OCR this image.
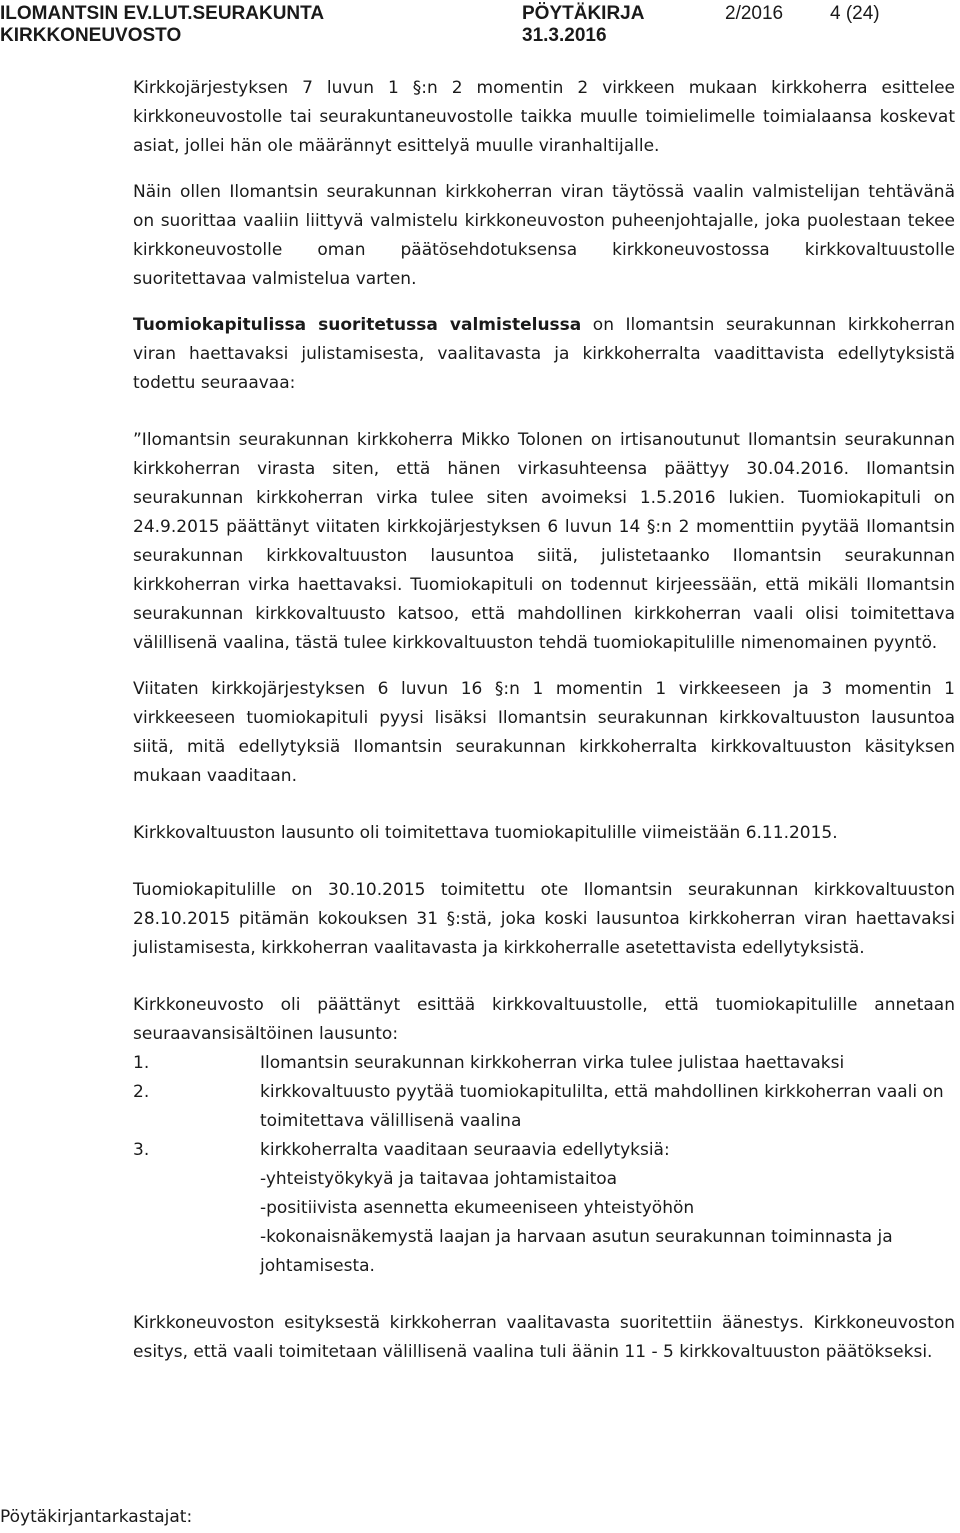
ILOMANTSIN EV.LUT.SEURAKUNTA
KIRKKONEUVOSTO
PÖYTÄKIRJA	2/2016 4 (24)
31.3.2016

Kirkkojärjestyksen 7 luvun 1 §:n 2 momentin 2 virkkeen mukaan kirkkoherra esittelee kirkkoneuvostolle tai seurakuntaneuvostolle taikka muulle toimielimelle toimialaansa koskevat asiat, jollei hän ole määrännyt esittelyä muulle viranhaltijalle.

Näin ollen Ilomantsin seurakunnan kirkkoherran viran täytössä vaalin valmistelijan tehtävänä on suorittaa vaaliin liittyvä valmistelu kirkkoneuvoston puheenjohtajalle, joka puolestaan tekee kirkkoneuvostolle oman päätösehdotuksensa kirkkoneuvostossa kirkkovaltuustolle suoritettavaa valmistelua varten.

Tuomiokapitulissa suoritetussa valmistelussa on Ilomantsin seurakunnan kirkkoherran viran haettavaksi julistamisesta, vaalitavasta ja kirkkoherralta vaadittavista edellytyksistä todettu seuraavaa:

”Ilomantsin seurakunnan kirkkoherra Mikko Tolonen on irtisanoutunut Ilomantsin seurakunnan kirkkoherran virasta siten, että hänen virkasuhteensa päättyy 30.04.2016. Ilomantsin seurakunnan kirkkoherran virka tulee siten avoimeksi 1.5.2016 lukien. Tuomiokapituli on 24.9.2015 päättänyt viitaten kirkkojärjestyksen 6 luvun 14 §:n 2 momenttiin pyytää Ilomantsin seurakunnan kirkkovaltuuston lausuntoa siitä, julistetaanko Ilomantsin seurakunnan kirkkoherran virka haettavaksi. Tuomiokapituli on todennut kirjeessään, että mikäli Ilomantsin seurakunnan kirkkovaltuusto katsoo, että mahdollinen kirkkoherran vaali olisi toimitettava välillisenä vaalina, tästä tulee kirkkovaltuuston tehdä tuomiokapitulille nimenomainen pyyntö.

Viitaten kirkkojärjestyksen 6 luvun 16 §:n 1 momentin 1 virkkeeseen ja 3 momentin 1 virkkeeseen tuomiokapituli pyysi lisäksi Ilomantsin seurakunnan kirkkovaltuuston lausuntoa siitä, mitä edellytyksiä Ilomantsin seurakunnan kirkkoherralta kirkkovaltuuston käsityksen mukaan vaaditaan.

Kirkkovaltuuston lausunto oli toimitettava tuomiokapitulille viimeistään 6.11.2015.

Tuomiokapitulille on 30.10.2015 toimitettu ote Ilomantsin seurakunnan kirkkovaltuuston 28.10.2015 pitämän kokouksen 31 §:stä, joka koski lausuntoa kirkkoherran viran haettavaksi julistamisesta, kirkkoherran vaalitavasta ja kirkkoherralle asetettavista edellytyksistä.

Kirkkoneuvosto oli päättänyt esittää kirkkovaltuustolle, että tuomiokapitulille annetaan seuraavansisältöinen lausunto:

1.	Ilomantsin seurakunnan kirkkoherran virka tulee julistaa haettavaksi
2.	kirkkovaltuusto pyytää tuomiokapitulilta, että mahdollinen kirkkoherran vaali on toimitettava välillisenä vaalina
3.	kirkkoherralta vaaditaan seuraavia edellytyksiä:
-yhteistyökykyä ja taitavaa johtamistaitoa
-positiivista asennetta ekumeeniseen yhteistyöhön
-kokonaisnäkemystä laajan ja harvaan asutun seurakunnan toiminnasta ja johtamisesta.

Kirkkoneuvoston esityksestä kirkkoherran vaalitavasta suoritettiin äänestys. Kirkkoneuvoston esitys, että vaali toimitetaan välillisenä vaalina tuli äänin 11 - 5 kirkkovaltuuston päätökseksi.

Pöytäkirjantarkastajat:
